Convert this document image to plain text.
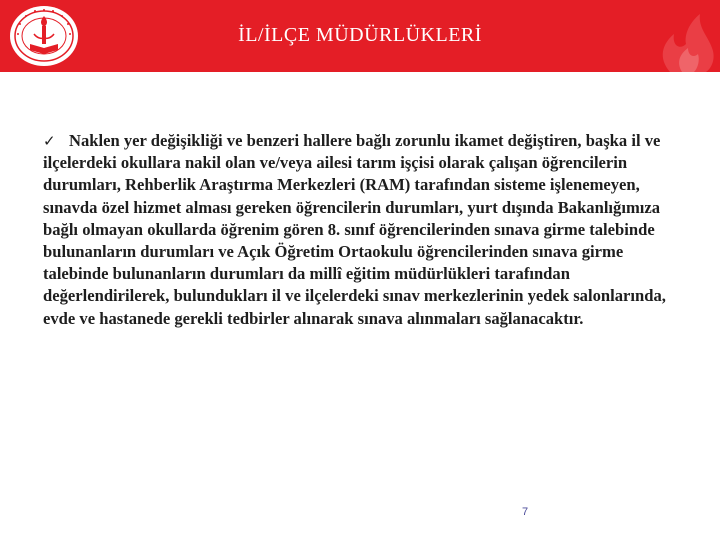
İL/İLÇE MÜDÜRLÜKLERİ
✓ Naklen yer değişikliği ve benzeri hallere bağlı zorunlu ikamet değiştiren, başka il ve ilçelerdeki okullara nakil olan ve/veya ailesi tarım işçisi olarak çalışan öğrencilerin durumları, Rehberlik Araştırma Merkezleri (RAM) tarafından sisteme işlenemeyen, sınavda özel hizmet alması gereken öğrencilerin durumları, yurt dışında Bakanlığımıza bağlı olmayan okullarda öğrenim gören 8. sınıf öğrencilerinden sınava girme talebinde bulunanların durumları ve Açık Öğretim Ortaokulu öğrencilerinden sınava girme talebinde bulunanların durumları da millî eğitim müdürlükleri tarafından değerlendirilerek, bulundukları il ve ilçelerdeki sınav merkezlerinin yedek salonlarında, evde ve hastanede gerekli tedbirler alınarak sınava alınmaları sağlanacaktır.
7
